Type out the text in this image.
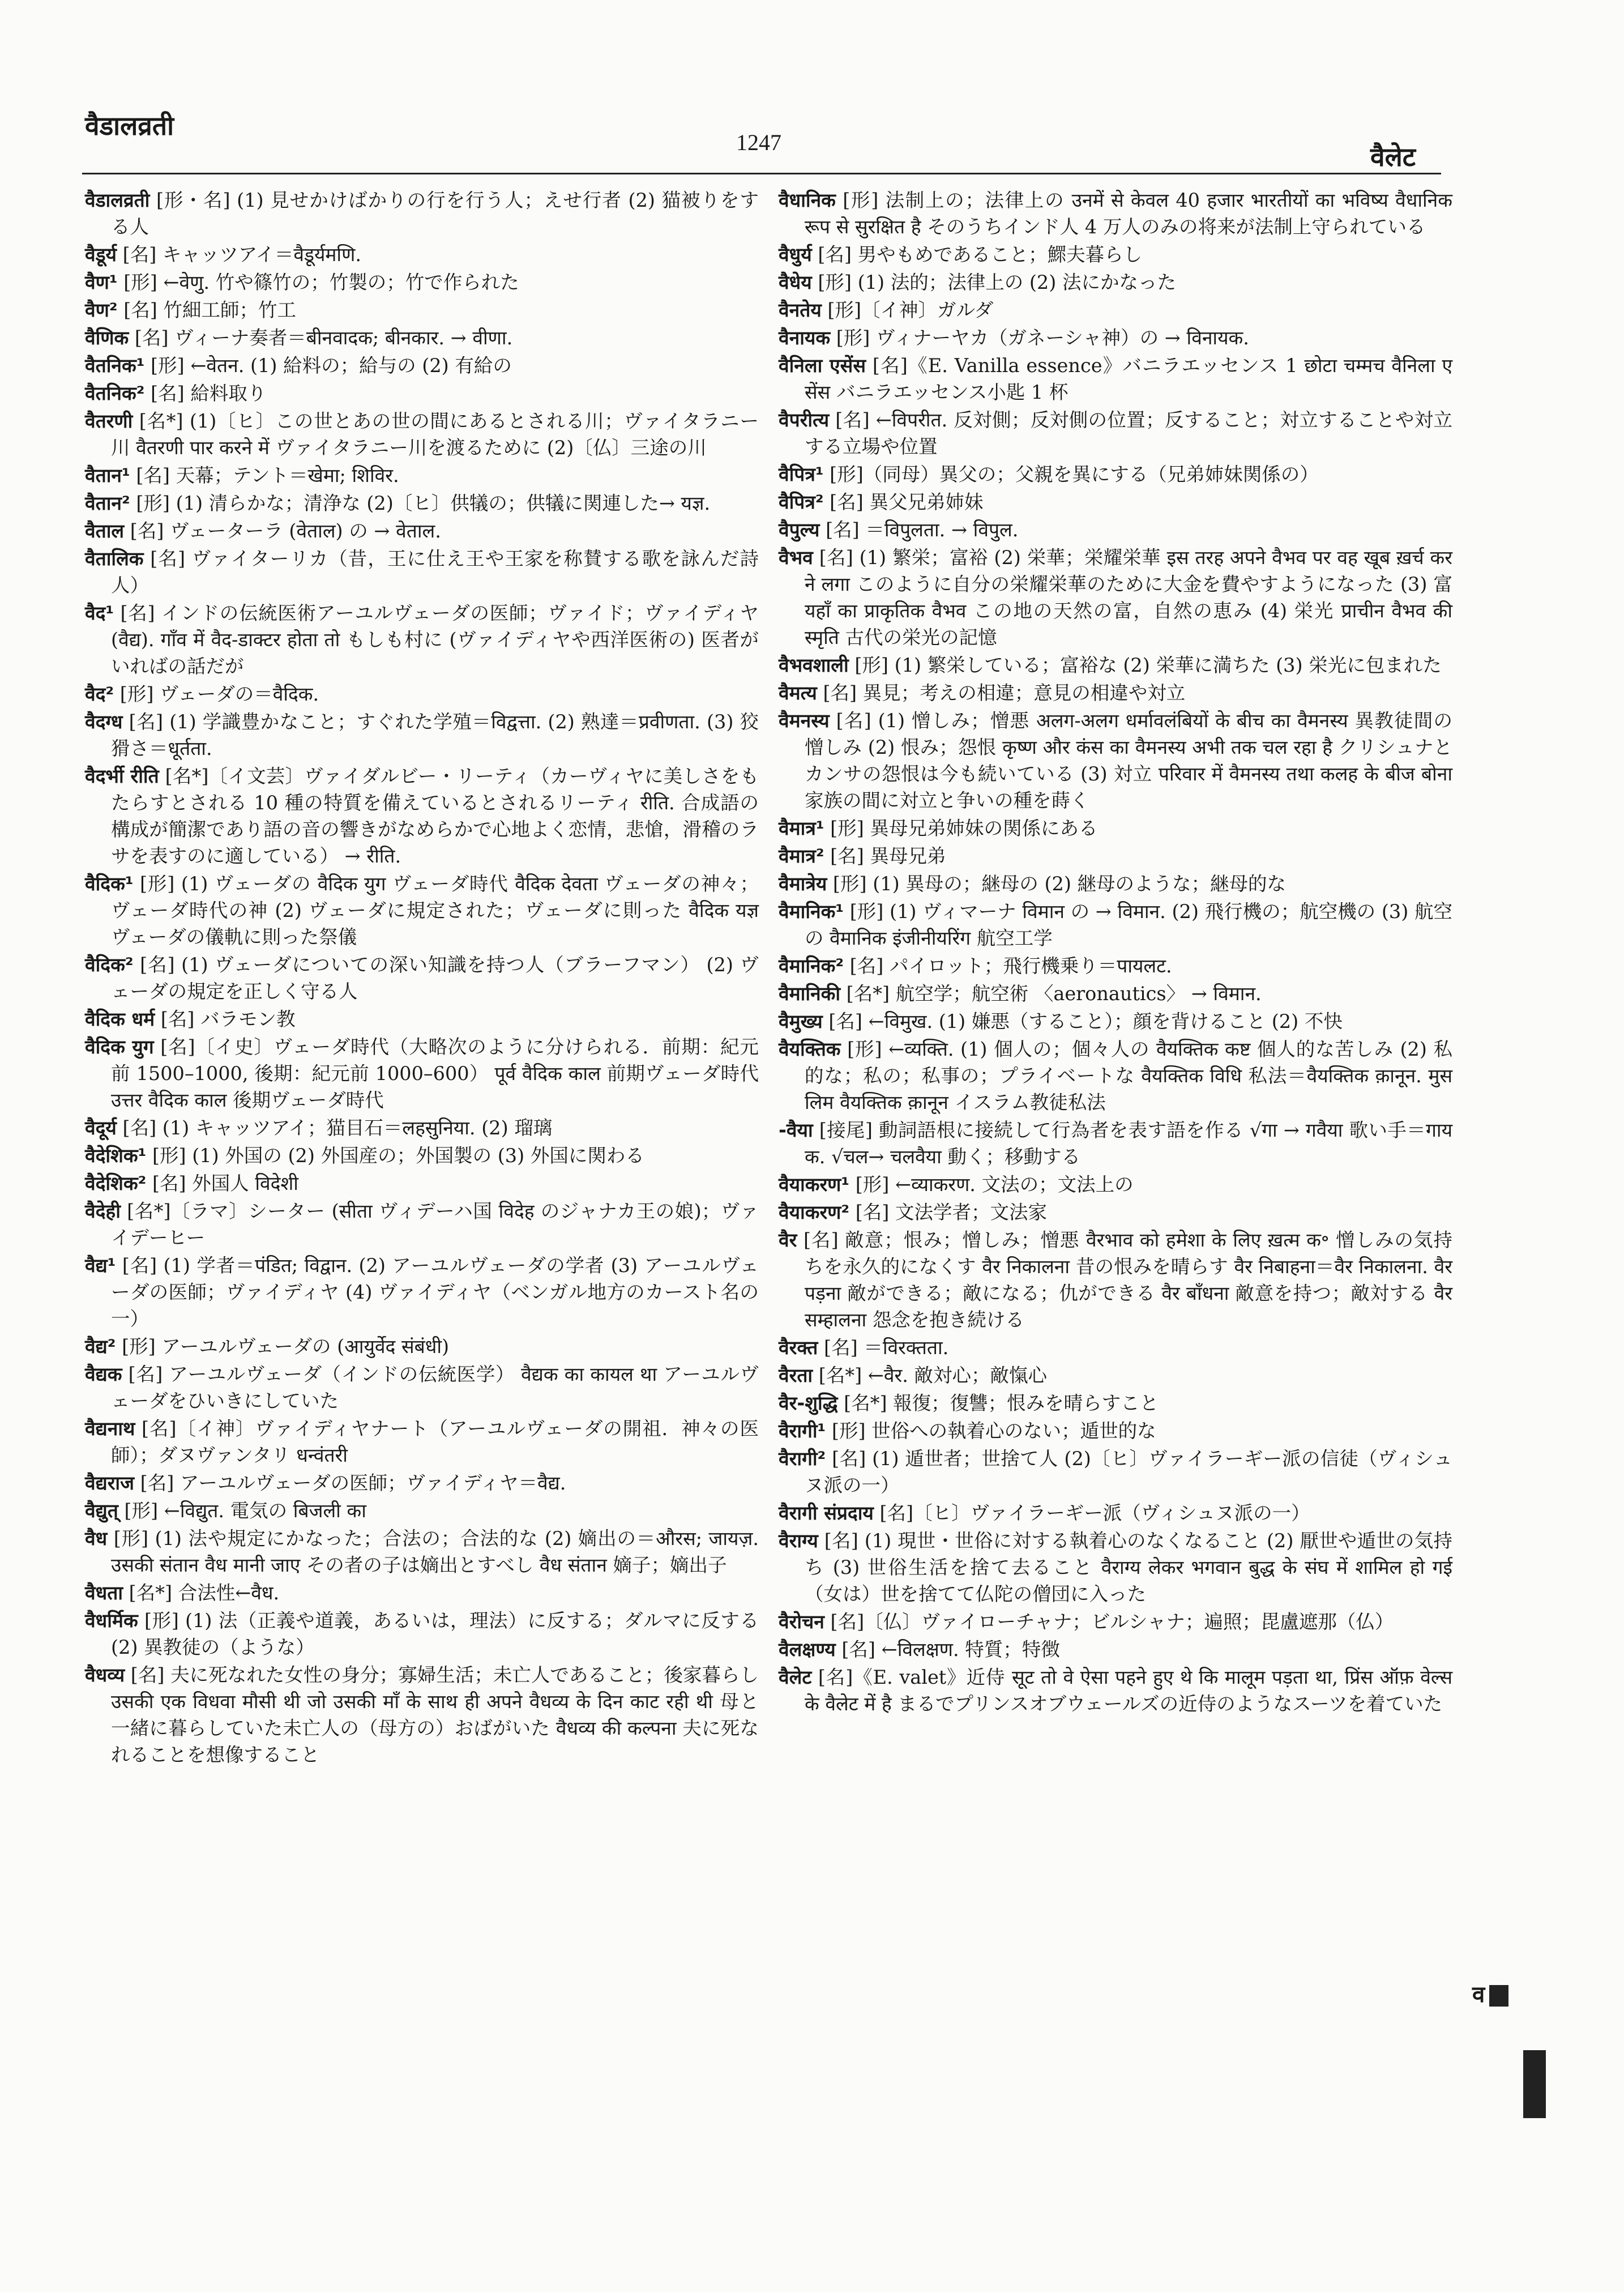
वैडालव्रती
1247	वैलेट

वैडालव्रती [形・名] (1) 見せかけばかりの行を行う人；えせ行者 (2) 猫被りをする人

वैडूर्य [名] キャッツアイ＝वैडूर्यमणि.

वैण¹ [形] ←वेणु. 竹や篠竹の；竹製の；竹で作られた

वैण² [名] 竹細工師；竹工

वैणिक [名] ヴィーナ奏者＝बीनवादक; बीनकार. → वीणा.

वैतनिक¹ [形] ←वेतन. (1) 給料の；給与の (2) 有給の

वैतनिक² [名] 給料取り

वैतरणी [名*] (1)〔ヒ〕この世とあの世の間にあるとされる川；ヴァイタラニー川 वैतरणी पार करने में ヴァイタラニー川を渡るために (2)〔仏〕三途の川

वैतान¹ [名] 天幕；テント＝खेमा; शिविर.

वैतान² [形] (1) 清らかな；清浄な (2)〔ヒ〕供犠の；供犠に関連した→ यज्ञ.

वैताल [名] ヴェーターラ (वेताल) の → वेताल.

वैतालिक [名] ヴァイターリカ（昔，王に仕え王や王家を称賛する歌を詠んだ詩人）

वैद¹ [名] インドの伝統医術アーユルヴェーダの医師；ヴァイド；ヴァイディヤ (वैद्य). गाँव में वैद-डाक्टर होता तो もしも村に (ヴァイディヤや西洋医術の) 医者がいればの話だが

वैद² [形] ヴェーダの＝वैदिक.

वैदग्ध [名] (1) 学識豊かなこと；すぐれた学殖＝विद्वत्ता. (2) 熟達＝प्रवीणता. (3) 狡猾さ＝धूर्तता.

वैदर्भी रीति [名*]〔イ文芸〕ヴァイダルビー・リーティ（カーヴィヤに美しさをもたらすとされる 10 種の特質を備えているとされるリーティ रीति. 合成語の構成が簡潔であり語の音の響きがなめらかで心地よく恋情，悲愴，滑稽のラサを表すのに適している） → रीति.

वैदिक¹ [形] (1) ヴェーダの वैदिक युग ヴェーダ時代 वैदिक देवता ヴェーダの神々；ヴェーダ時代の神 (2) ヴェーダに規定された；ヴェーダに則った वैदिक यज्ञ ヴェーダの儀軌に則った祭儀

वैदिक² [名] (1) ヴェーダについての深い知識を持つ人（ブラーフマン） (2) ヴェーダの規定を正しく守る人

वैदिक धर्म [名] バラモン教

वैदिक युग [名]〔イ史〕ヴェーダ時代（大略次のように分けられる．前期：紀元前 1500–1000, 後期：紀元前 1000–600） पूर्व वैदिक काल 前期ヴェーダ時代 उत्तर वैदिक काल 後期ヴェーダ時代

वैदूर्य [名] (1) キャッツアイ；猫目石＝लहसुनिया. (2) 瑠璃

वैदेशिक¹ [形] (1) 外国の (2) 外国産の；外国製の (3) 外国に関わる

वैदेशिक² [名] 外国人 विदेशी

वैदेही [名*]〔ラマ〕シーター (सीता ヴィデーハ国 विदेह のジャナカ王の娘)；ヴァイデーヒー

वैद्य¹ [名] (1) 学者＝पंडित; विद्वान. (2) アーユルヴェーダの学者 (3) アーユルヴェーダの医師；ヴァイディヤ (4) ヴァイディヤ（ベンガル地方のカースト名の一）

वैद्य² [形] アーユルヴェーダの (आयुर्वेद संबंधी)

वैद्यक [名] アーユルヴェーダ（インドの伝統医学） वैद्यक का कायल था アーユルヴェーダをひいきにしていた

वैद्यनाथ [名]〔イ神〕ヴァイディヤナート（アーユルヴェーダの開祖．神々の医師）；ダヌヴァンタリ धन्वंतरी

वैद्यराज [名] アーユルヴェーダの医師；ヴァイディヤ＝वैद्य.

वैद्युत् [形] ←विद्युत. 電気の बिजली का

वैध [形] (1) 法や規定にかなった；合法の；合法的な (2) 嫡出の＝औरस; जायज़. उसकी संतान वैध मानी जाए その者の子は嫡出とすべし वैध संतान 嫡子；嫡出子

वैधता [名*] 合法性←वैध.

वैधर्मिक [形] (1) 法（正義や道義，あるいは，理法）に反する；ダルマに反する (2) 異教徒の（ような）

वैधव्य [名] 夫に死なれた女性の身分；寡婦生活；未亡人であること；後家暮らし उसकी एक विधवा मौसी थी जो उसकी माँ के साथ ही अपने वैधव्य के दिन काट रही थी 母と一緒に暮らしていた未亡人の（母方の）おばがいた वैधव्य की कल्पना 夫に死なれることを想像すること

वैधानिक [形] 法制上の；法律上の उनमें से केवल 40 हजार भारतीयों का भविष्य वैधानिक रूप से सुरक्षित है そのうちインド人 4 万人のみの将来が法制上守られている

वैधुर्य [名] 男やもめであること；鰥夫暮らし

वैधेय [形] (1) 法的；法律上の (2) 法にかなった

वैनतेय [形]〔イ神〕ガルダ

वैनायक [形] ヴィナーヤカ（ガネーシャ神）の → विनायक.

वैनिला एसेंस [名]《E. Vanilla essence》バニラエッセンス 1 छोटा चम्मच वैनिला एसेंस バニラエッセンス小匙 1 杯

वैपरीत्य [名] ←विपरीत. 反対側；反対側の位置；反すること；対立することや対立する立場や位置

वैपित्र¹ [形]（同母）異父の；父親を異にする（兄弟姉妹関係の）

वैपित्र² [名] 異父兄弟姉妹

वैपुल्य [名] ＝विपुलता. → विपुल.

वैभव [名] (1) 繁栄；富裕 (2) 栄華；栄耀栄華 इस तरह अपने वैभव पर वह खूब ख़र्च करने लगा このように自分の栄耀栄華のために大金を費やすようになった (3) 富 यहाँ का प्राकृतिक वैभव この地の天然の富，自然の恵み (4) 栄光 प्राचीन वैभव की स्मृति 古代の栄光の記憶

वैभवशाली [形] (1) 繁栄している；富裕な (2) 栄華に満ちた (3) 栄光に包まれた

वैमत्य [名] 異見；考えの相違；意見の相違や対立

वैमनस्य [名] (1) 憎しみ；憎悪 अलग-अलग धर्मावलंबियों के बीच का वैमनस्य 異教徒間の憎しみ (2) 恨み；怨恨 कृष्ण और कंस का वैमनस्य अभी तक चल रहा है クリシュナとカンサの怨恨は今も続いている (3) 対立 परिवार में वैमनस्य तथा कलह के बीज बोना 家族の間に対立と争いの種を蒔く

वैमात्र¹ [形] 異母兄弟姉妹の関係にある

वैमात्र² [名] 異母兄弟

वैमात्रेय [形] (1) 異母の；継母の (2) 継母のような；継母的な

वैमानिक¹ [形] (1) ヴィマーナ विमान の → विमान. (2) 飛行機の；航空機の (3) 航空の वैमानिक इंजीनीयरिंग 航空工学

वैमानिक² [名] パイロット；飛行機乗り＝पायलट.

वैमानिकी [名*] 航空学；航空術 〈aeronautics〉 → विमान.

वैमुख्य [名] ←विमुख. (1) 嫌悪（すること）；顔を背けること (2) 不快

वैयक्तिक [形] ←व्यक्ति. (1) 個人の；個々人の वैयक्तिक कष्ट 個人的な苦しみ (2) 私的な；私の；私事の；プライベートな वैयक्तिक विधि 私法＝वैयक्तिक क़ानून. मुसलिम वैयक्तिक क़ानून イスラム教徒私法

-वैया [接尾] 動詞語根に接続して行為者を表す語を作る √गा → गवैया 歌い手＝गायक. √चल→ चलवैया 動く；移動する

वैयाकरण¹ [形] ←व्याकरण. 文法の；文法上の

वैयाकरण² [名] 文法学者；文法家

वैर [名] 敵意；恨み；憎しみ；憎悪 वैरभाव को हमेशा के लिए ख़त्म क॰ 憎しみの気持ちを永久的になくす वैर निकालना 昔の恨みを晴らす वैर निबाहना＝वैर निकालना. वैर पड़ना 敵ができる；敵になる；仇ができる वैर बाँधना 敵意を持つ；敵対する वैर सम्हालना 怨念を抱き続ける

वैरक्त [名] ＝विरक्तता.

वैरता [名*] ←वैर. 敵対心；敵愾心

वैर-शुद्धि [名*] 報復；復讐；恨みを晴らすこと

वैरागी¹ [形] 世俗への執着心のない；遁世的な

वैरागी² [名] (1) 遁世者；世捨て人 (2)〔ヒ〕ヴァイラーギー派の信徒（ヴィシュヌ派の一）

वैरागी संप्रदाय [名]〔ヒ〕ヴァイラーギー派（ヴィシュヌ派の一）

वैराग्य [名] (1) 現世・世俗に対する執着心のなくなること (2) 厭世や遁世の気持ち (3) 世俗生活を捨て去ること वैराग्य लेकर भगवान बुद्ध के संघ में शामिल हो गई （女は）世を捨てて仏陀の僧団に入った

वैरोचन [名]〔仏〕ヴァイローチャナ；ビルシャナ；遍照；毘盧遮那（仏）

वैलक्षण्य [名] ←विलक्षण. 特質；特徴

वैलेट [名]《E. valet》近侍 सूट तो वे ऐसा पहने हुए थे कि मालूम पड़ता था, प्रिंस ऑफ़ वेल्स के वैलेट में है まるでプリンスオブウェールズの近侍のようなスーツを着ていた

व
